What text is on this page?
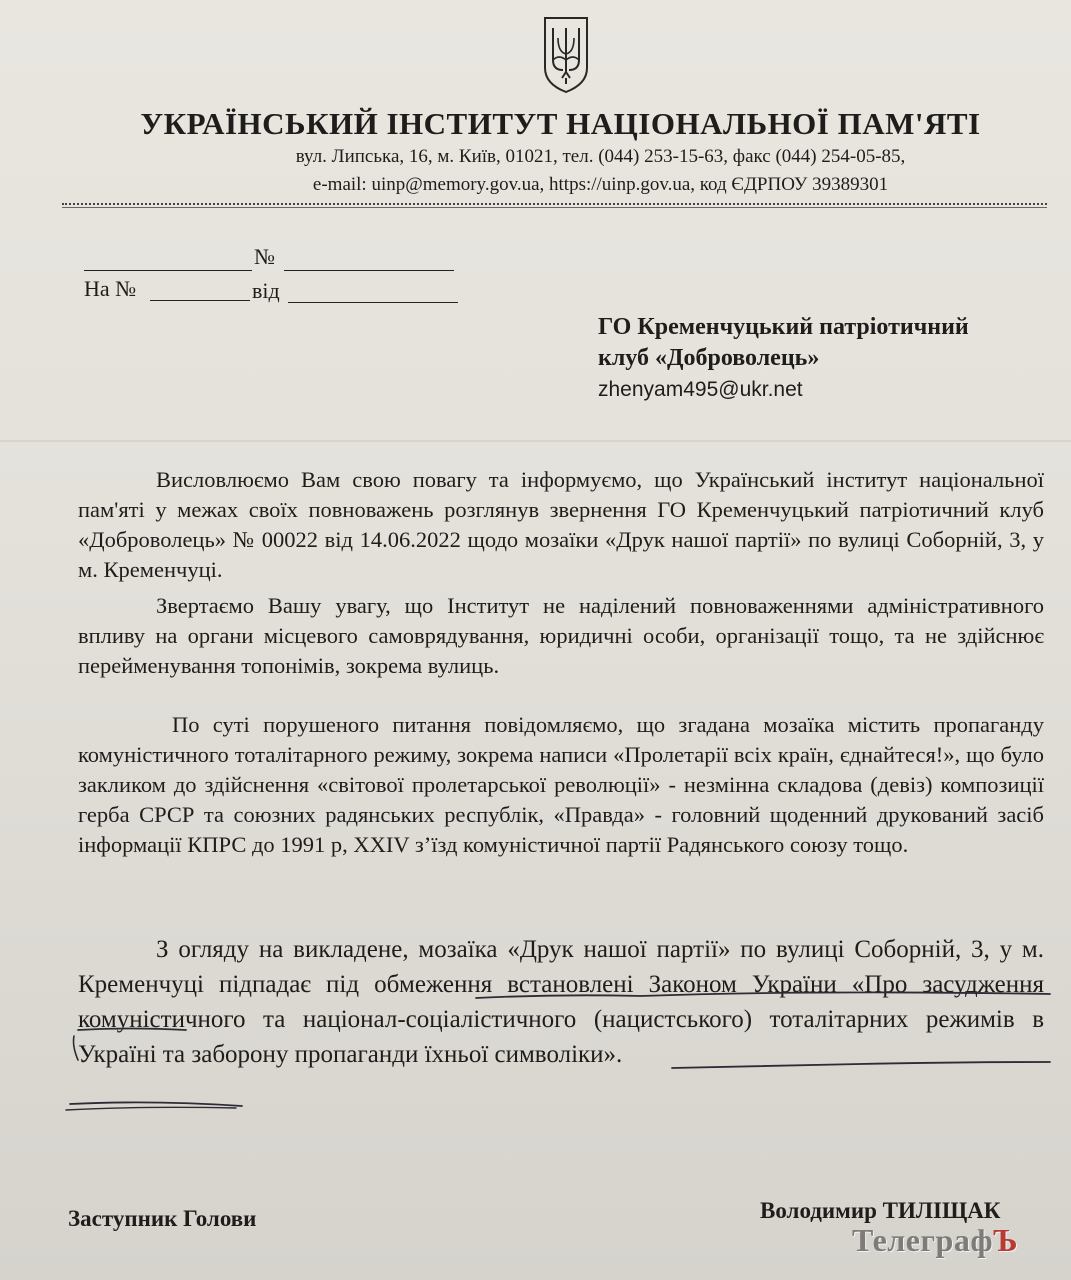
УКРАЇНСЬКИЙ ІНСТИТУТ НАЦІОНАЛЬНОЇ ПАМ'ЯТІ
вул. Липська, 16, м. Київ, 01021, тел. (044) 253-15-63, факс (044) 254-05-85,
e-mail: uinp@memory.gov.ua, https://uinp.gov.ua, код ЄДРПОУ 39389301
№
На №	від
ГО Кременчуцький патріотичний
клуб «Доброволець»
zhenyam495@ukr.net
Висловлюємо Вам свою повагу та інформуємо, що Український інститут національної пам'яті у межах своїх повноважень розглянув звернення ГО Кременчуцький патріотичний клуб «Доброволець» № 00022 від 14.06.2022 щодо мозаїки «Друк нашої партії» по вулиці Соборній, 3, у м. Кременчуці.
Звертаємо Вашу увагу, що Інститут не наділений повноваженнями адміністративного впливу на органи місцевого самоврядування, юридичні особи, організації тощо, та не здійснює перейменування топонімів, зокрема вулиць.
По суті порушеного питання повідомляємо, що згадана мозаїка містить пропаганду комуністичного тоталітарного режиму, зокрема написи «Пролетарії всіх країн, єднайтеся!», що було закликом до здійснення «світової пролетарської революції» - незмінна складова (девіз) композиції герба СРСР та союзних радянських республік, «Правда» - головний щоденний друкований засіб інформації КПРС до 1991 р, XXIV з’їзд комуністичної партії Радянського союзу тощо.
З огляду на викладене, мозаїка «Друк нашої партії» по вулиці Соборній, 3, у м. Кременчуці підпадає під обмеження встановлені Законом України «Про засудження комуністичного та націонал-соціалістичного (нацистського) тоталітарних режимів в Україні та заборону пропаганди їхньої символіки».
Заступник Голови	Володимир ТИЛІЩАК
ТелеграфЪ
